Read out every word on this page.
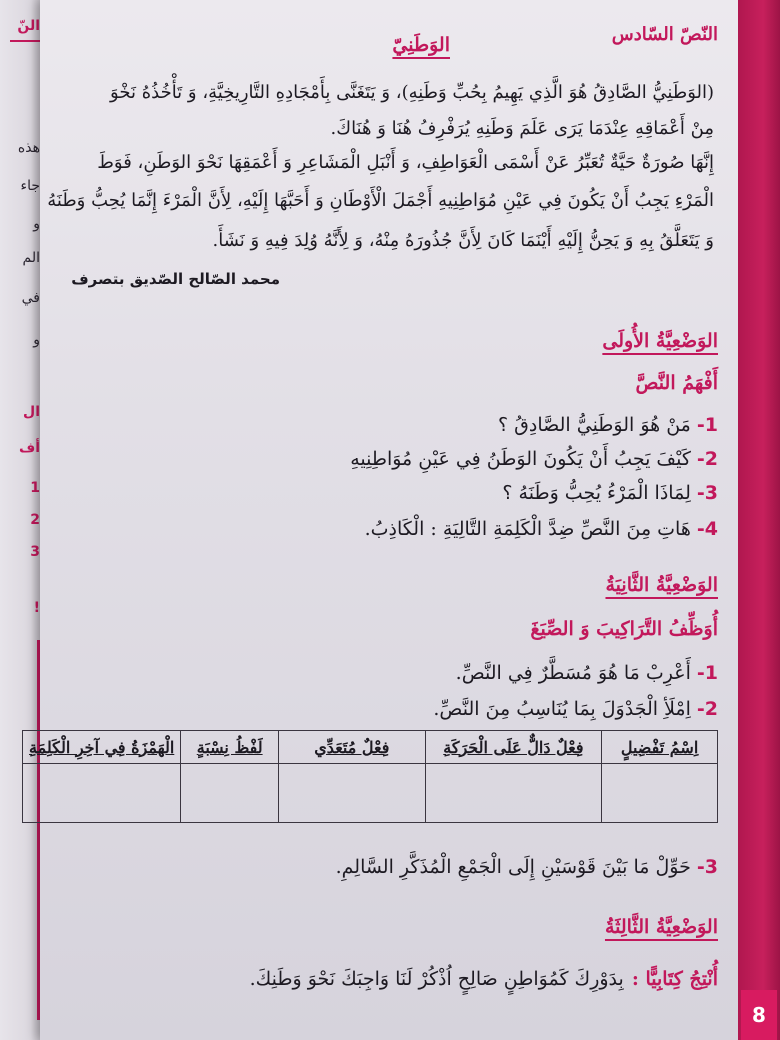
النّ
هذه
جاء
و
الم
في
و
ال
أف
1
2
3
!
النّصّ السّادس
الوَطَنِيّ
(الوَطَنِيُّ الصَّادِقُ هُوَ الَّذِي يَهِيمُ بِحُبِّ وَطَنِهِ)، وَ يَتَغَنَّى بِأَمْجَادِهِ التَّارِيخِيَّةِ، وَ تَأْخُذُهُ نَخْوَ
مِنْ أَعْمَاقِهِ عِنْدَمَا يَرَى عَلَمَ وَطَنِهِ يُرَفْرِفُ هُنَا وَ هُنَاكَ.
إِنَّهَا صُورَةٌ حَيَّةٌ تُعَبِّرُ عَنْ أَسْمَى الْعَوَاطِفِ، وَ أَنْبَلِ الْمَشَاعِرِ وَ أَعْمَقِهَا نَحْوَ الوَطَنِ، فَوَطَ
الْمَرْءِ يَجِبُ أَنْ يَكُونَ فِي عَيْنِ مُوَاطِنِيهِ أَجْمَلَ الْأَوْطَانِ وَ أَحَبَّهَا إِلَيْهِ، لِأَنَّ الْمَرْءَ إِنَّمَا يُحِبُّ وَطَنَهُ
وَ يَتَعَلَّقُ بِهِ وَ يَحِنُّ إِلَيْهِ أَيْنَمَا كَانَ لِأَنَّ جُذُورَهُ مِنْهُ، وَ لِأَنَّهُ وُلِدَ فِيهِ وَ نَشَأَ.
محمد الصّالح الصّديق بتصرف
الوَضْعِيَّةُ الأُولَى
أَفْهَمُ النَّصَّ
1-مَنْ هُوَ الوَطَنِيُّ الصَّادِقُ ؟
2-كَيْفَ يَجِبُ أَنْ يَكُونَ الوَطَنُ فِي عَيْنِ مُوَاطِنِيهِ
3-لِمَاذَا الْمَرْءُ يُحِبُّ وَطَنَهُ ؟
4-هَاتِ مِنَ النَّصِّ ضِدَّ الْكَلِمَةِ التَّالِيَةِ : الْكَاذِبُ.
الوَضْعِيَّةُ الثَّانِيَةُ
أُوَظِّفُ التَّرَاكِيبَ وَ الصِّيَغَ
1-أَعْرِبْ مَا هُوَ مُسَطَّرٌ فِي النَّصِّ.
2-اِمْلَأِ الْجَدْوَلَ بِمَا يُنَاسِبُ مِنَ النَّصِّ.
اِسْمُ تَفْضِيلٍ	فِعْلٌ دَالٌّ عَلَى الْحَرَكَةِ	فِعْلٌ مُتَعَدِّي	لَفْظُ نِسْبَةٍ	الْهَمْزَةُ فِي آخِرِ الْكَلِمَةِ

3-حَوِّلْ مَا بَيْنَ قَوْسَيْنِ إِلَى الْجَمْعِ الْمُذَكَّرِ السَّالِمِ.
الوَضْعِيَّةُ الثَّالِثَةُ
أُنْتِجُ كِتَابِيًّا :بِدَوْرِكَ كَمُوَاطِنٍ صَالِحٍ اُذْكُرْ لَنَا وَاجِبَكَ نَحْوَ وَطَنِكَ.
8
